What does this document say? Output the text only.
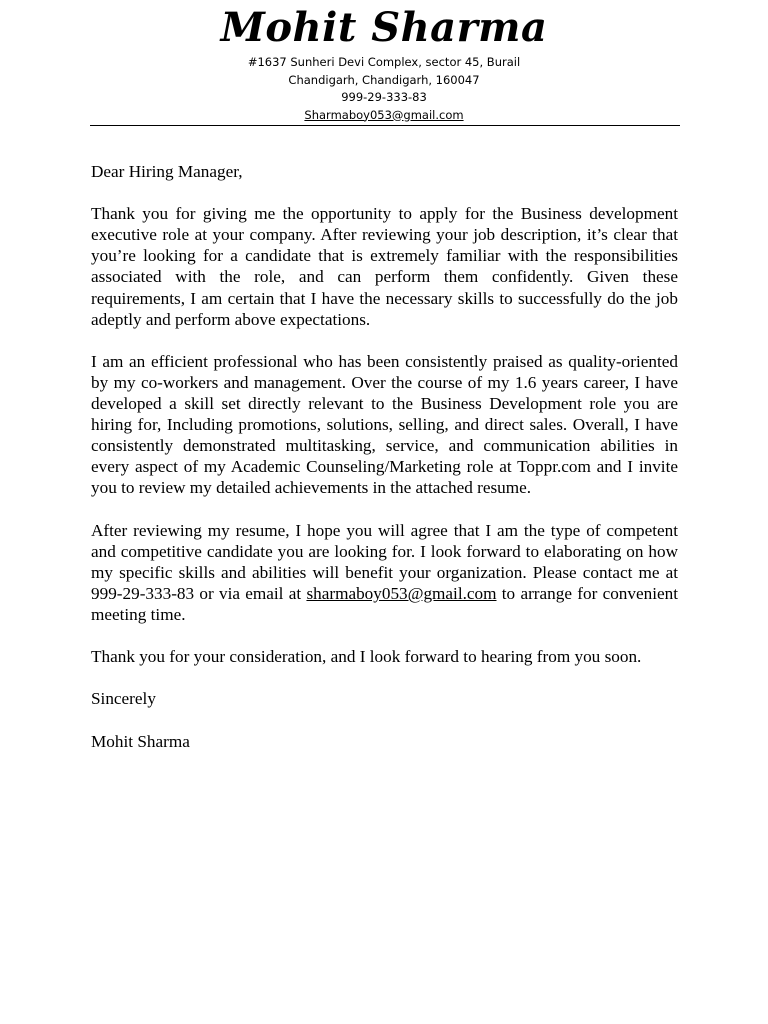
Mohit Sharma

#1637 Sunheri Devi Complex, sector 45, Burail

Chandigarh, Chandigarh, 160047

999-29-333-83

Sharmaboy053@gmail.com

Dear Hiring Manager,

Thank you for giving me the opportunity to apply for the Business development executive role at your company. After reviewing your job description, it’s clear that you’re looking for a candidate that is extremely familiar with the responsibilities associated with the role, and can perform them confidently. Given these requirements, I am certain that I have the necessary skills to successfully do the job adeptly and perform above expectations.

I am an efficient professional who has been consistently praised as quality-oriented by my co-workers and management. Over the course of my 1.6 years career, I have developed a skill set directly relevant to the Business Development role you are hiring for, Including promotions, solutions, selling, and direct sales. Overall, I have consistently demonstrated multitasking, service, and communication abilities in every aspect of my Academic Counseling/Marketing role at Toppr.com and I invite you to review my detailed achievements in the attached resume.

After reviewing my resume, I hope you will agree that I am the type of competent and competitive candidate you are looking for. I look forward to elaborating on how my specific skills and abilities will benefit your organization. Please contact me at 999-29-333-83 or via email at sharmaboy053@gmail.com to arrange for convenient meeting time.

Thank you for your consideration, and I look forward to hearing from you soon.

Sincerely

Mohit Sharma
